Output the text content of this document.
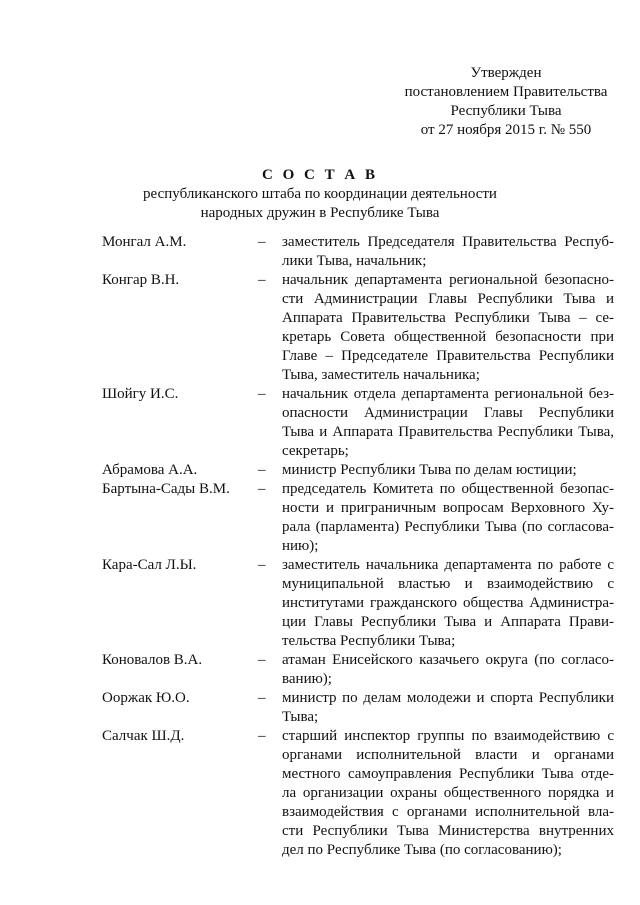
Утвержден
постановлением Правительства
Республики Тыва
от 27 ноября 2015 г. № 550
С О С Т А В
республиканского штаба по координации деятельности
народных дружин в Республике Тыва
Монгал А.М.	–	заместитель Председателя Правительства Респуб-
лики Тыва, начальник;
Конгар В.Н.	–	начальник департамента региональной безопасно-
сти Администрации Главы Республики Тыва и
Аппарата Правительства Республики Тыва – се-
кретарь Совета общественной безопасности при
Главе – Председателе Правительства Республики
Тыва, заместитель начальника;
Шойгу И.С.	–	начальник отдела департамента региональной без-
опасности Администрации Главы Республики
Тыва и Аппарата Правительства Республики Тыва,
секретарь;
Абрамова А.А.	–	министр Республики Тыва по делам юстиции;
Бартына-Сады В.М.	–	председатель Комитета по общественной безопас-
ности и приграничным вопросам Верховного Ху-
рала (парламента) Республики Тыва (по согласова-
нию);
Кара-Сал Л.Ы.	–	заместитель начальника департамента по работе с
муниципальной властью и взаимодействию с
институтами гражданского общества Администра-
ции Главы Республики Тыва и Аппарата Прави-
тельства Республики Тыва;
Коновалов В.А.	–	атаман Енисейского казачьего округа (по согласо-
ванию);
Ооржак Ю.О.	–	министр по делам молодежи и спорта Республики
Тыва;
Салчак Ш.Д.	–	старший инспектор группы по взаимодействию с
органами исполнительной власти и органами
местного самоуправления Республики Тыва отде-
ла организации охраны общественного порядка и
взаимодействия с органами исполнительной вла-
сти Республики Тыва Министерства внутренних
дел по Республике Тыва (по согласованию);
